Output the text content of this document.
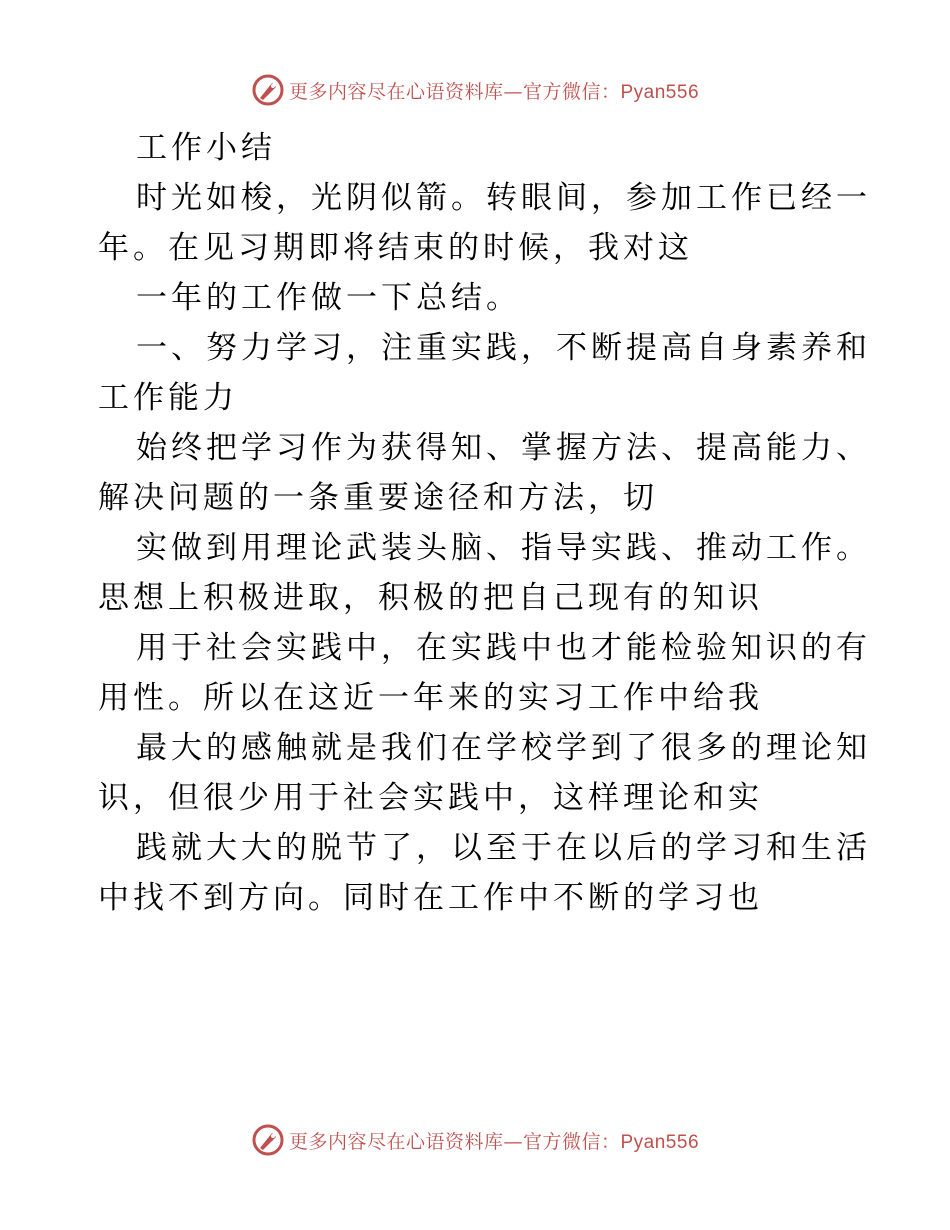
更多内容尽在心语资料库—官方微信：Pyan556
工作小结
时光如梭，光阴似箭。转眼间，参加工作已经一
年。在见习期即将结束的时候，我对这
一年的工作做一下总结。
一、努力学习，注重实践，不断提高自身素养和
工作能力
始终把学习作为获得知、掌握方法、提高能力、
解决问题的一条重要途径和方法，切
实做到用理论武装头脑、指导实践、推动工作。
思想上积极进取，积极的把自己现有的知识
用于社会实践中，在实践中也才能检验知识的有
用性。所以在这近一年来的实习工作中给我
最大的感触就是我们在学校学到了很多的理论知
识，但很少用于社会实践中，这样理论和实
践就大大的脱节了，以至于在以后的学习和生活
中找不到方向。同时在工作中不断的学习也
更多内容尽在心语资料库—官方微信：Pyan556
